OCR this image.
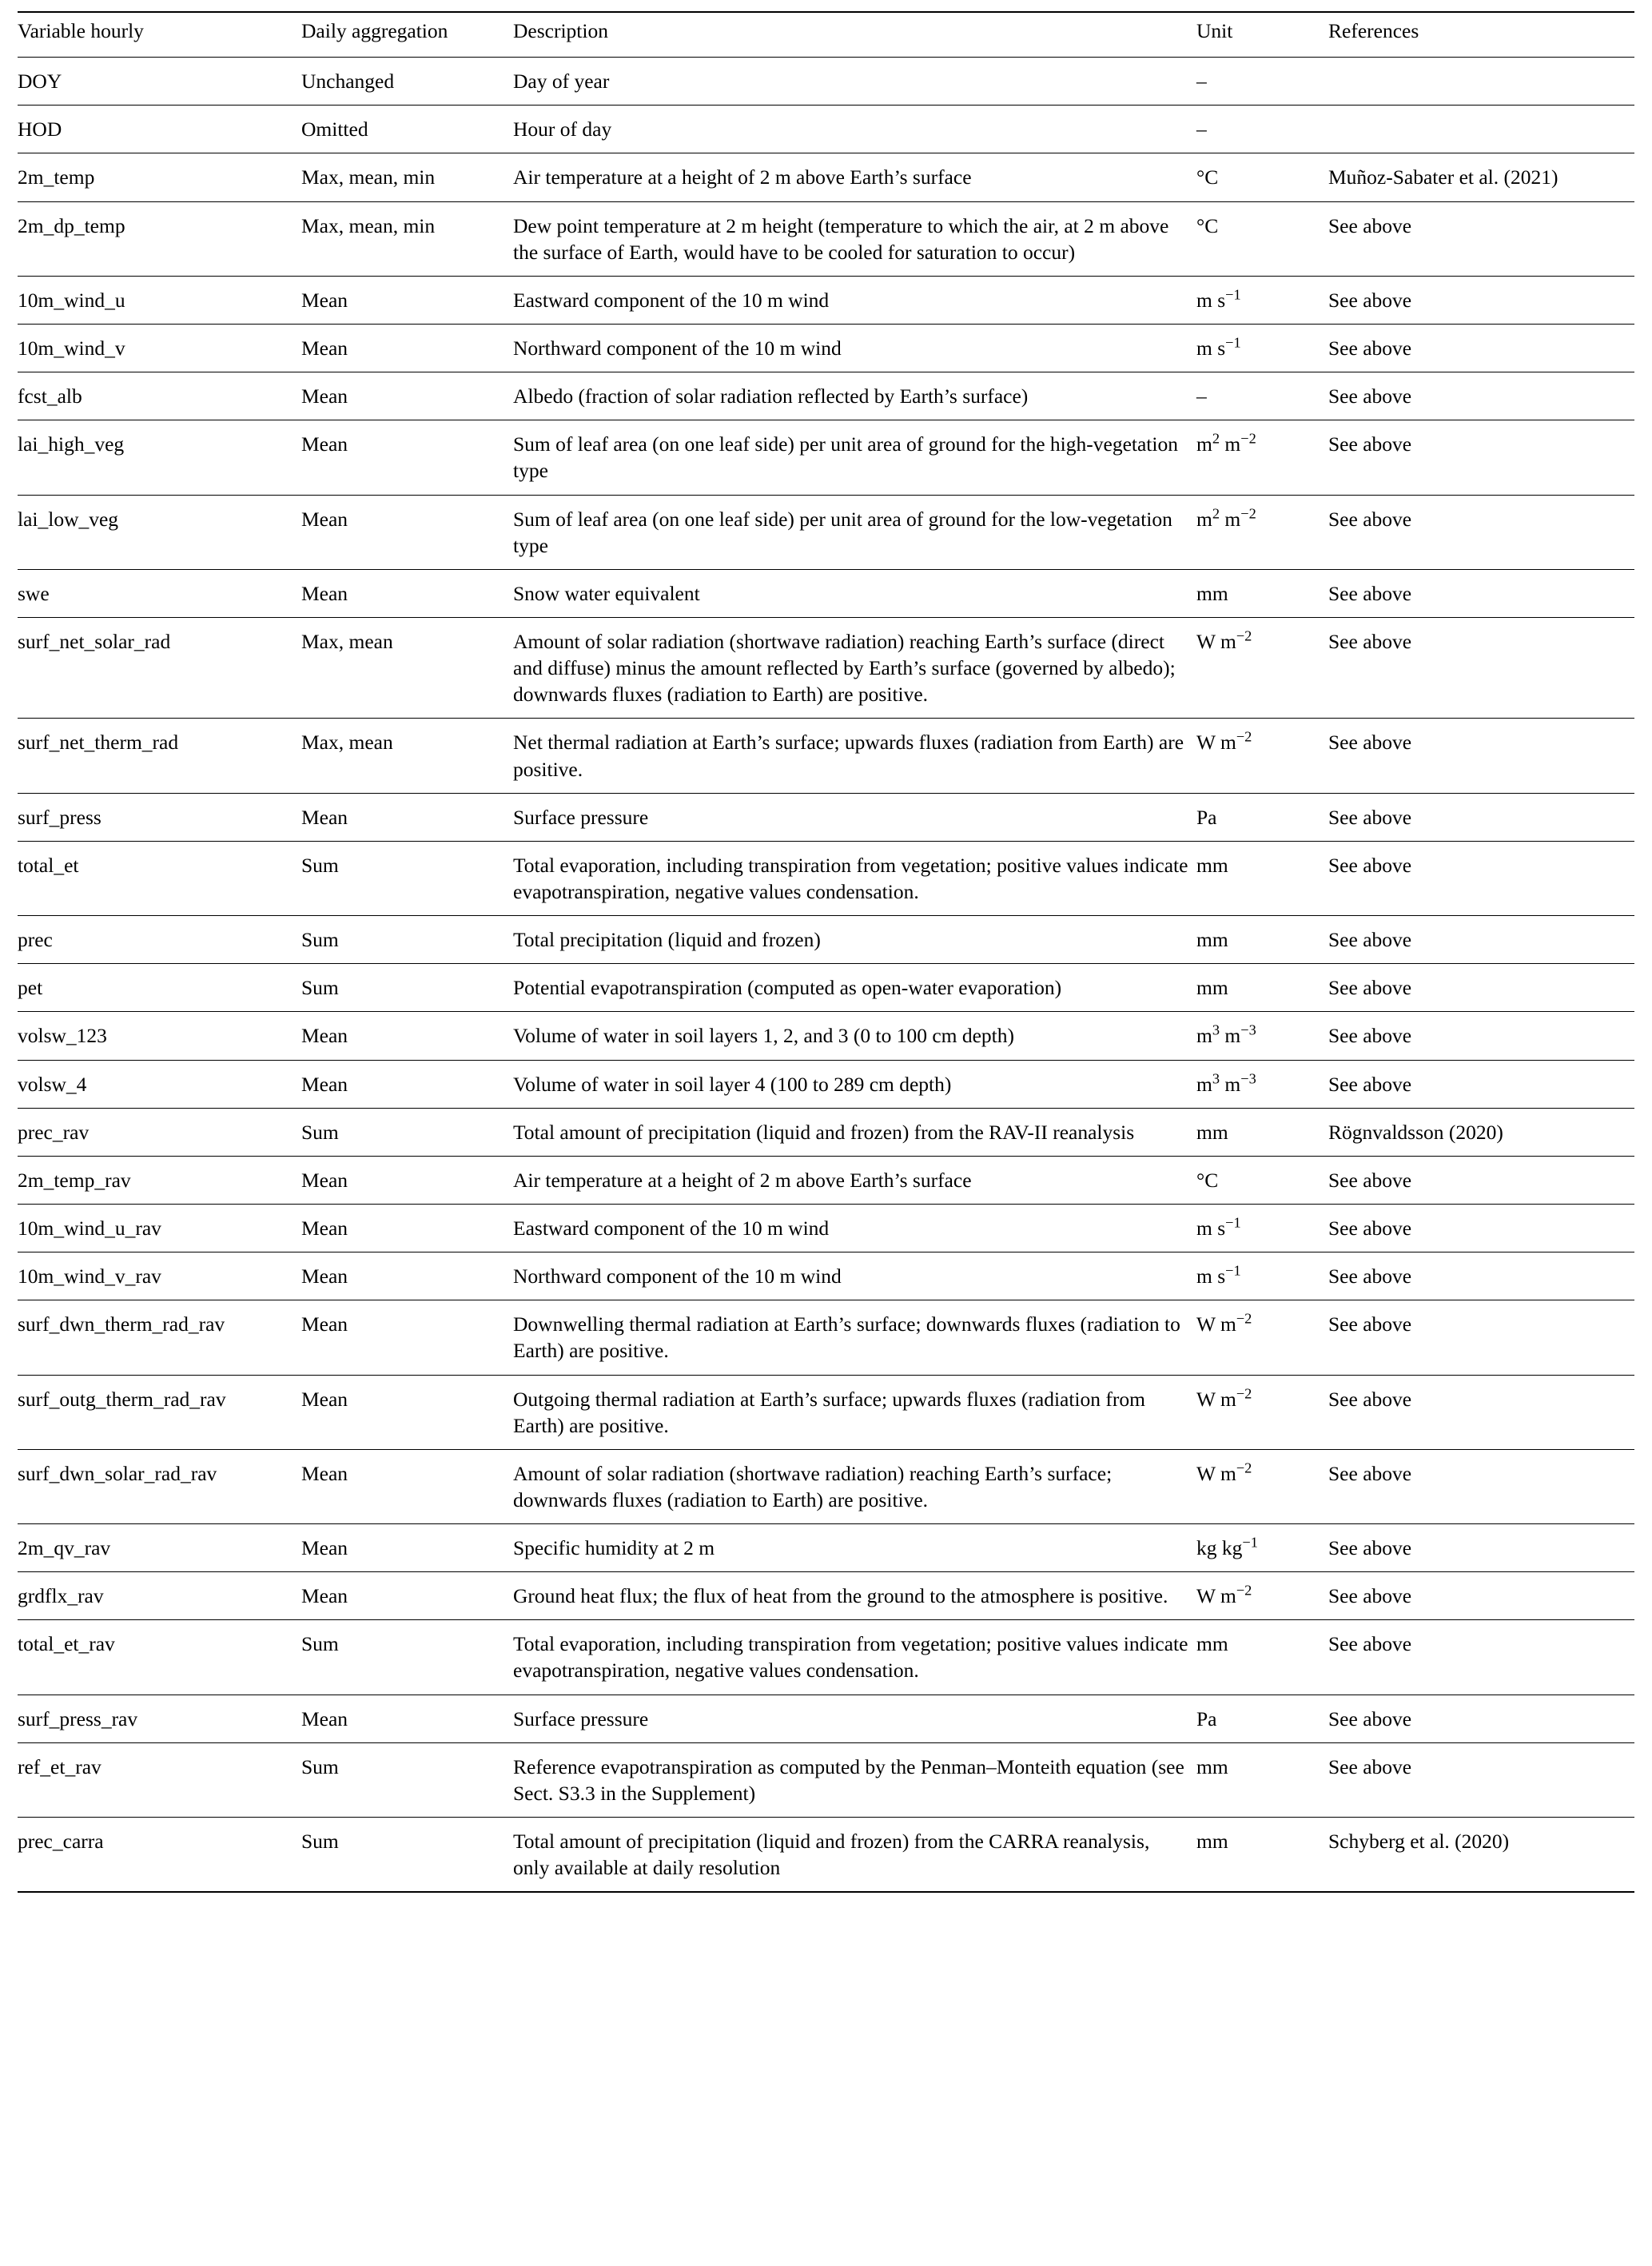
Variable hourly	Daily aggregation	Description	Unit	References
DOY	Unchanged	Day of year	–	
HOD	Omitted	Hour of day	–	
2m_temp	Max, mean, min	Air temperature at a height of 2 m above Earth’s surface	°C	Muñoz-Sabater et al. (2021)
2m_dp_temp	Max, mean, min	Dew point temperature at 2 m height (temperature to which the air, at 2 m above the surface of Earth, would have to be cooled for saturation to occur)	°C	See above
10m_wind_u	Mean	Eastward component of the 10 m wind	m $s^{-1}$	See above
10m_wind_v	Mean	Northward component of the 10 m wind	m $s^{-1}$	See above
fcst_alb	Mean	Albedo (fraction of solar radiation reflected by Earth’s surface)	–	See above
lai_high_veg	Mean	Sum of leaf area (on one leaf side) per unit area of ground for the high-vegetation type	$m^2$ $m^{-2}$	See above
lai_low_veg	Mean	Sum of leaf area (on one leaf side) per unit area of ground for the low-vegetation type	$m^2$ $m^{-2}$	See above
swe	Mean	Snow water equivalent	mm	See above
surf_net_solar_rad	Max, mean	Amount of solar radiation (shortwave radiation) reaching Earth’s surface (direct and diffuse) minus the amount reflected by Earth’s surface (governed by albedo); downwards fluxes (radiation to Earth) are positive.	W $m^{-2}$	See above
surf_net_therm_rad	Max, mean	Net thermal radiation at Earth’s surface; upwards fluxes (radiation from Earth) are positive.	W $m^{-2}$	See above
surf_press	Mean	Surface pressure	Pa	See above
total_et	Sum	Total evaporation, including transpiration from vegetation; positive values indicate evapotranspiration, negative values condensation.	mm	See above
prec	Sum	Total precipitation (liquid and frozen)	mm	See above
pet	Sum	Potential evapotranspiration (computed as open-water evaporation)	mm	See above
volsw_123	Mean	Volume of water in soil layers 1, 2, and 3 (0 to 100 cm depth)	$m^3$ $m^{-3}$	See above
volsw_4	Mean	Volume of water in soil layer 4 (100 to 289 cm depth)	$m^3$ $m^{-3}$	See above
prec_rav	Sum	Total amount of precipitation (liquid and frozen) from the RAV-II reanalysis	mm	Rögnvaldsson (2020)
2m_temp_rav	Mean	Air temperature at a height of 2 m above Earth’s surface	°C	See above
10m_wind_u_rav	Mean	Eastward component of the 10 m wind	m $s^{-1}$	See above
10m_wind_v_rav	Mean	Northward component of the 10 m wind	m $s^{-1}$	See above
surf_dwn_therm_rad_rav	Mean	Downwelling thermal radiation at Earth’s surface; downwards fluxes (radiation to Earth) are positive.	W $m^{-2}$	See above
surf_outg_therm_rad_rav	Mean	Outgoing thermal radiation at Earth’s surface; upwards fluxes (radiation from Earth) are positive.	W $m^{-2}$	See above
surf_dwn_solar_rad_rav	Mean	Amount of solar radiation (shortwave radiation) reaching Earth’s surface; downwards fluxes (radiation to Earth) are positive.	W $m^{-2}$	See above
2m_qv_rav	Mean	Specific humidity at 2 m	kg $kg^{-1}$	See above
grdflx_rav	Mean	Ground heat flux; the flux of heat from the ground to the atmosphere is positive.	W $m^{-2}$	See above
total_et_rav	Sum	Total evaporation, including transpiration from vegetation; positive values indicate evapotranspiration, negative values condensation.	mm	See above
surf_press_rav	Mean	Surface pressure	Pa	See above
ref_et_rav	Sum	Reference evapotranspiration as computed by the Penman–Monteith equation (see Sect. S3.3 in the Supplement)	mm	See above
prec_carra	Sum	Total amount of precipitation (liquid and frozen) from the CARRA reanalysis, only available at daily resolution	mm	Schyberg et al. (2020)
